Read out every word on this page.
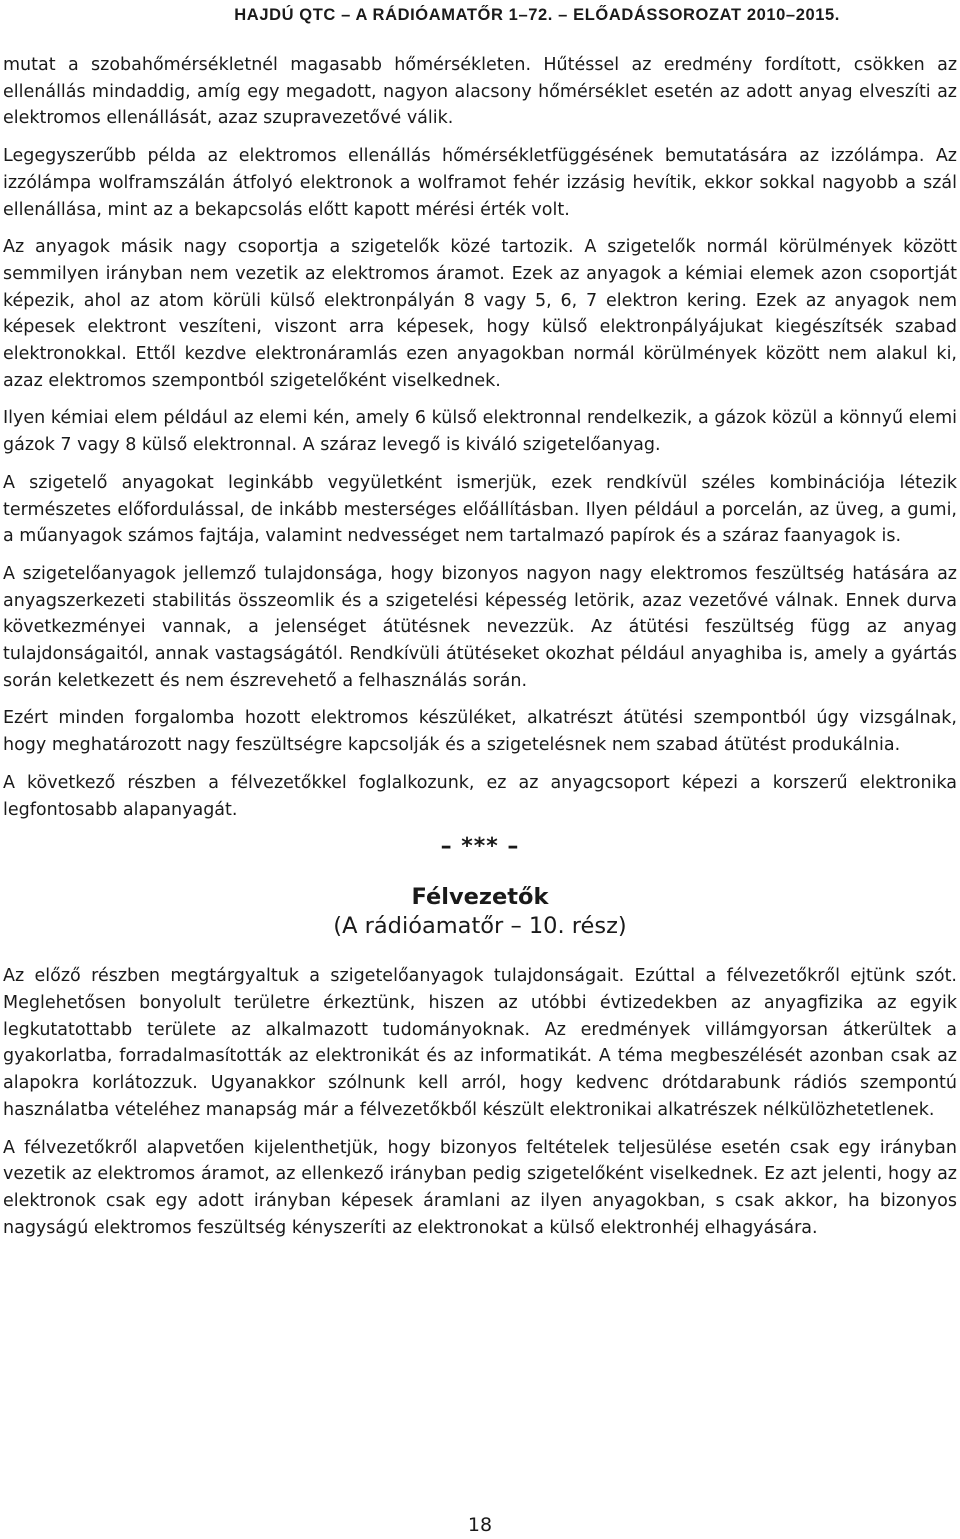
HAJDÚ QTC – A RÁDIÓAMATŐR 1–72. – ELŐADÁSSOROZAT 2010–2015.

mutat a szobahőmérsékletnél magasabb hőmérsékleten. Hűtéssel az eredmény fordított, csökken az ellenállás mindaddig, amíg egy megadott, nagyon alacsony hőmérséklet esetén az adott anyag elveszíti az elektromos ellenállását, azaz szupravezetővé válik.

Legegyszerűbb példa az elektromos ellenállás hőmérsékletfüggésének bemutatására az izzólámpa. Az izzólámpa wolframszálán átfolyó elektronok a wolframot fehér izzásig hevítik, ekkor sokkal nagyobb a szál ellenállása, mint az a bekapcsolás előtt kapott mérési érték volt.

Az anyagok másik nagy csoportja a szigetelők közé tartozik. A szigetelők normál körülmények között semmilyen irányban nem vezetik az elektromos áramot. Ezek az anyagok a kémiai elemek azon csoportját képezik, ahol az atom körüli külső elektronpályán 8 vagy 5, 6, 7 elektron kering. Ezek az anyagok nem képesek elektront veszíteni, viszont arra képesek, hogy külső elektronpályájukat kiegészítsék szabad elektronokkal. Ettől kezdve elektronáramlás ezen anyagokban normál körülmények között nem alakul ki, azaz elektromos szempontból szigetelőként viselkednek.

Ilyen kémiai elem például az elemi kén, amely 6 külső elektronnal rendelkezik, a gázok közül a könnyű elemi gázok 7 vagy 8 külső elektronnal. A száraz levegő is kiváló szigetelőanyag.

A szigetelő anyagokat leginkább vegyületként ismerjük, ezek rendkívül széles kombinációja létezik természetes előfordulással, de inkább mesterséges előállításban. Ilyen például a porcelán, az üveg, a gumi, a műanyagok számos fajtája, valamint nedvességet nem tartalmazó papírok és a száraz faanyagok is.

A szigetelőanyagok jellemző tulajdonsága, hogy bizonyos nagyon nagy elektromos feszültség hatására az anyagszerkezeti stabilitás összeomlik és a szigetelési képesség letörik, azaz vezetővé válnak. Ennek durva következményei vannak, a jelenséget átütésnek nevezzük. Az átütési feszültség függ az anyag tulajdonságaitól, annak vastagságától. Rendkívüli átütéseket okozhat például anyaghiba is, amely a gyártás során keletkezett és nem észrevehető a felhasználás során.

Ezért minden forgalomba hozott elektromos készüléket, alkatrészt átütési szempontból úgy vizsgálnak, hogy meghatározott nagy feszültségre kapcsolják és a szigetelésnek nem szabad átütést produkálnia.

A következő részben a félvezetőkkel foglalkozunk, ez az anyagcsoport képezi a korszerű elektronika legfontosabb alapanyagát.

– *** –
Félvezetők
(A rádióamatőr – 10. rész)

Az előző részben megtárgyaltuk a szigetelőanyagok tulajdonságait. Ezúttal a félvezetőkről ejtünk szót. Meglehetősen bonyolult területre érkeztünk, hiszen az utóbbi évtizedekben az anyagfizika az egyik legkutatottabb területe az alkalmazott tudományoknak. Az eredmények villámgyorsan átkerültek a gyakorlatba, forradalmasították az elektronikát és az informatikát. A téma megbeszélését azonban csak az alapokra korlátozzuk. Ugyanakkor szólnunk kell arról, hogy kedvenc drótdarabunk rádiós szempontú használatba vételéhez manapság már a félvezetőkből készült elektronikai alkatrészek nélkülözhetetlenek.

A félvezetőkről alapvetően kijelenthetjük, hogy bizonyos feltételek teljesülése esetén csak egy irányban vezetik az elektromos áramot, az ellenkező irányban pedig szigetelőként viselkednek. Ez azt jelenti, hogy az elektronok csak egy adott irányban képesek áramlani az ilyen anyagokban, s csak akkor, ha bizonyos nagyságú elektromos feszültség kényszeríti az elektronokat a külső elektronhéj elhagyására.

18
